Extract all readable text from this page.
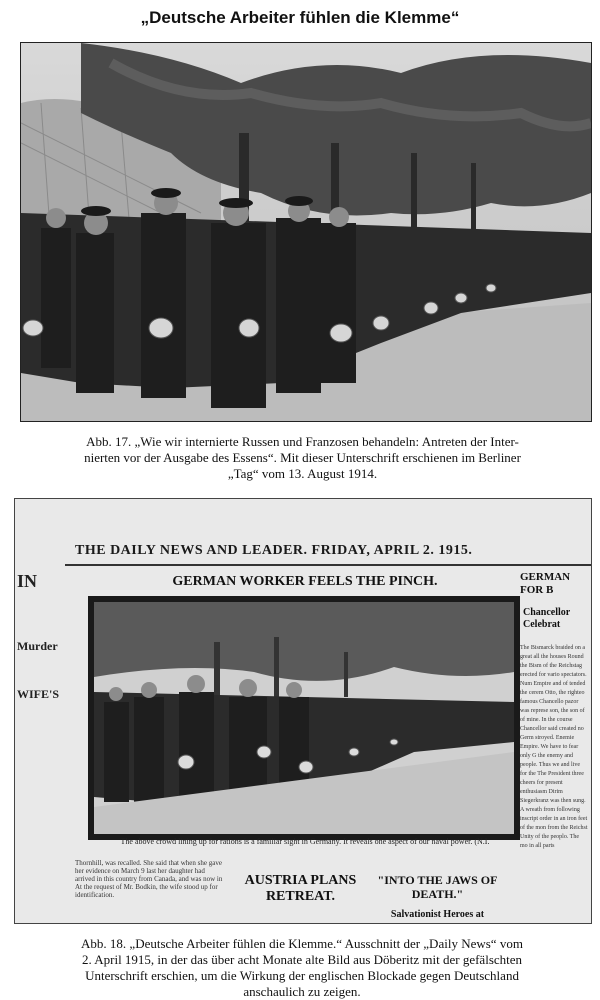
„Deutsche Arbeiter fühlen die Klemme“
Abb. 17. „Wie wir internierte Russen und Franzosen behandeln: Antreten der Inter-
nierten vor der Ausgabe des Essens“. Mit dieser Unterschrift erschienen im Berliner
„Tag“ vom 13. August 1914.
IN
Murder
WIFE'S
THE DAILY NEWS AND LEADER. FRIDAY, APRIL 2. 1915.
GERMAN WORKER FEELS THE PINCH.
The above crowd lining up for rations is a familiar sight in Germany. It reveals one aspect of our naval power. (N.I.
Thornhill, was recalled. She said that when she gave her evidence on March 9 last her daughter had arrived in this country from Canada, and was now in At the request of Mr. Bodkin, the wife stood up for identification.
AUSTRIA PLANS RETREAT.
"INTO THE JAWS OF DEATH."
Salvationist Heroes at
GERMAN FOR B
Chancellor Celebrat
The Bismarck braided on a great all the houses Round the Bism of the Reichstag erected for vario spectators. Num Empire and of tended the cerem Otto, the righteo famous Chancello pazor was represe son, the son of of mine. In the course Chancellor said created no Germ stroyed. Enemie Empire. We have to fear only G the enemy and people. Thus we and live for the The President three cheers for present enthusiasm Dirim Siegerkranz was then sung. A wreath from following inscript order in an iron feet of the mon from the Reichst Unity of the peoplo. The mo in all parts
Abb. 18. „Deutsche Arbeiter fühlen die Klemme.“ Ausschnitt der „Daily News“ vom
2. April 1915, in der das über acht Monate alte Bild aus Döberitz mit der gefälschten
Unterschrift erschien, um die Wirkung der englischen Blockade gegen Deutschland
anschaulich zu zeigen.
